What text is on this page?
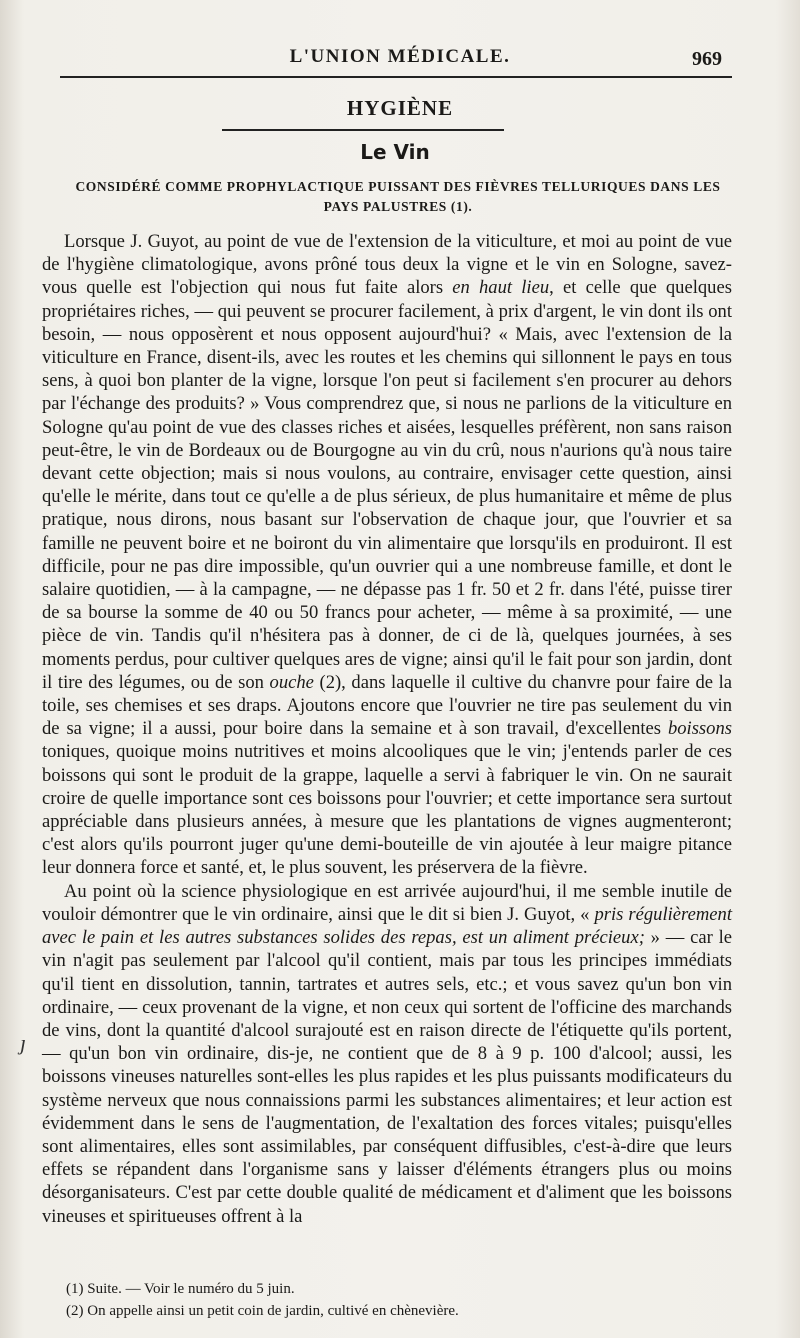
L'UNION MÉDICALE.	969
HYGIÈNE
Le Vin
CONSIDÉRÉ COMME PROPHYLACTIQUE PUISSANT DES FIÈVRES TELLURIQUES DANS LES PAYS PALUSTRES (1).

Lorsque J. Guyot, au point de vue de l'extension de la viticulture, et moi au point de vue de l'hygiène climatologique, avons prôné tous deux la vigne et le vin en Sologne, savez-vous quelle est l'objection qui nous fut faite alors en haut lieu, et celle que quelques propriétaires riches, — qui peuvent se procurer facilement, à prix d'argent, le vin dont ils ont besoin, — nous opposèrent et nous opposent aujourd'hui? « Mais, avec l'extension de la viticulture en France, disent-ils, avec les routes et les chemins qui sillonnent le pays en tous sens, à quoi bon planter de la vigne, lorsque l'on peut si facilement s'en procurer au dehors par l'échange des produits? » Vous comprendrez que, si nous ne parlions de la viticulture en Sologne qu'au point de vue des classes riches et aisées, lesquelles préfèrent, non sans raison peut-être, le vin de Bordeaux ou de Bourgogne au vin du crû, nous n'aurions qu'à nous taire devant cette objection; mais si nous voulons, au contraire, envisager cette question, ainsi qu'elle le mérite, dans tout ce qu'elle a de plus sérieux, de plus humanitaire et même de plus pratique, nous dirons, nous basant sur l'observation de chaque jour, que l'ouvrier et sa famille ne peuvent boire et ne boiront du vin alimentaire que lorsqu'ils en produiront. Il est difficile, pour ne pas dire impossible, qu'un ouvrier qui a une nombreuse famille, et dont le salaire quotidien, — à la campagne, — ne dépasse pas 1 fr. 50 et 2 fr. dans l'été, puisse tirer de sa bourse la somme de 40 ou 50 francs pour acheter, — même à sa proximité, — une pièce de vin. Tandis qu'il n'hésitera pas à donner, de ci de là, quelques journées, à ses moments perdus, pour cultiver quelques ares de vigne; ainsi qu'il le fait pour son jardin, dont il tire des légumes, ou de son ouche (2), dans laquelle il cultive du chanvre pour faire de la toile, ses chemises et ses draps. Ajoutons encore que l'ouvrier ne tire pas seulement du vin de sa vigne; il a aussi, pour boire dans la semaine et à son travail, d'excellentes boissons toniques, quoique moins nutritives et moins alcooliques que le vin; j'entends parler de ces boissons qui sont le produit de la grappe, laquelle a servi à fabriquer le vin. On ne saurait croire de quelle importance sont ces boissons pour l'ouvrier; et cette importance sera surtout appréciable dans plusieurs années, à mesure que les plantations de vignes augmenteront; c'est alors qu'ils pourront juger qu'une demi-bouteille de vin ajoutée à leur maigre pitance leur donnera force et santé, et, le plus souvent, les préservera de la fièvre.

Au point où la science physiologique en est arrivée aujourd'hui, il me semble inutile de vouloir démontrer que le vin ordinaire, ainsi que le dit si bien J. Guyot, « pris régulièrement avec le pain et les autres substances solides des repas, est un aliment précieux; » — car le vin n'agit pas seulement par l'alcool qu'il contient, mais par tous les principes immédiats qu'il tient en dissolution, tannin, tartrates et autres sels, etc.; et vous savez qu'un bon vin ordinaire, — ceux provenant de la vigne, et non ceux qui sortent de l'officine des marchands de vins, dont la quantité d'alcool surajouté est en raison directe de l'étiquette qu'ils portent, — qu'un bon vin ordinaire, dis-je, ne contient que de 8 à 9 p. 100 d'alcool; aussi, les boissons vineuses naturelles sont-elles les plus rapides et les plus puissants modificateurs du système nerveux que nous connaissions parmi les substances alimentaires; et leur action est évidemment dans le sens de l'augmentation, de l'exaltation des forces vitales; puisqu'elles sont alimentaires, elles sont assimilables, par conséquent diffusibles, c'est-à-dire que leurs effets se répandent dans l'organisme sans y laisser d'éléments étrangers plus ou moins désorganisateurs. C'est par cette double qualité de médicament et d'aliment que les boissons vineuses et spiritueuses offrent à la

ȷ
(1) Suite. — Voir le numéro du 5 juin.
(2) On appelle ainsi un petit coin de jardin, cultivé en chènevière.
